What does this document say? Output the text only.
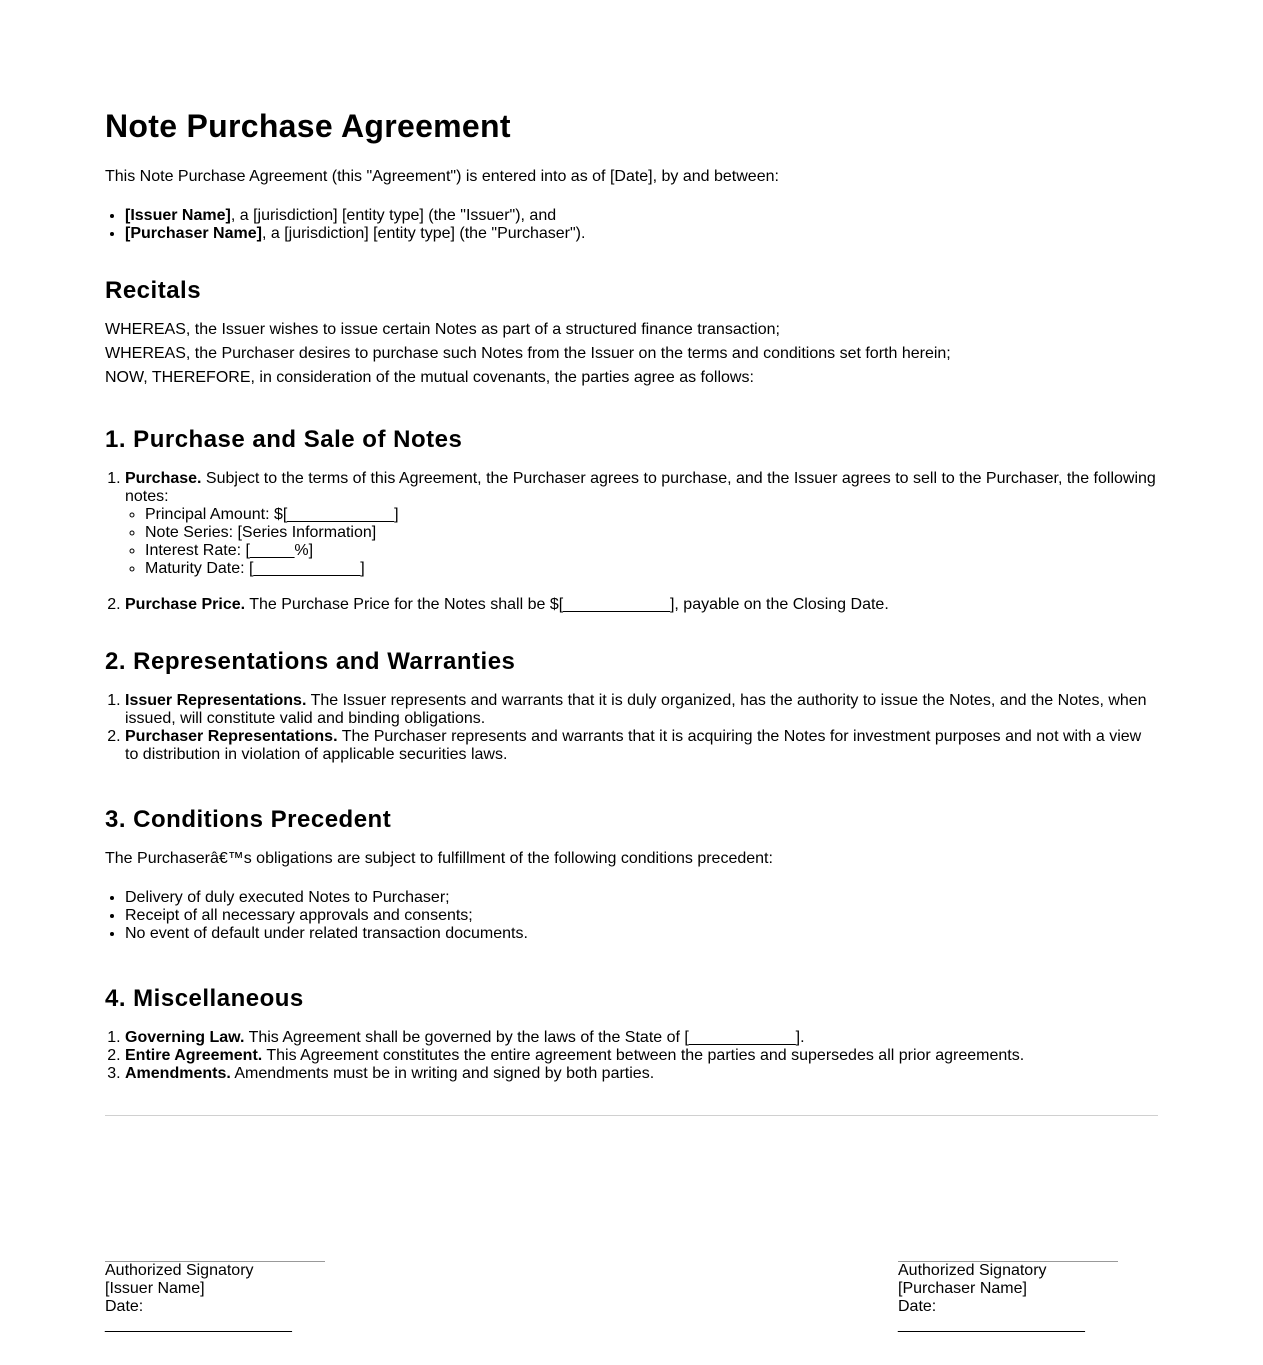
Note Purchase Agreement

This Note Purchase Agreement (this "Agreement") is entered into as of [Date], by and between:

• [Issuer Name], a [jurisdiction] [entity type] (the "Issuer"), and
• [Purchaser Name], a [jurisdiction] [entity type] (the "Purchaser").
Recitals

WHEREAS, the Issuer wishes to issue certain Notes as part of a structured finance transaction;

WHEREAS, the Purchaser desires to purchase such Notes from the Issuer on the terms and conditions set forth herein;

NOW, THEREFORE, in consideration of the mutual covenants, the parties agree as follows:

1. Purchase and Sale of Notes
1. Purchase. Subject to the terms of this Agreement, the Purchaser agrees to purchase, and the Issuer agrees to sell to the Purchaser, the following notes:
◦ Principal Amount: $[____________]
◦ Note Series: [Series Information]
◦ Interest Rate: [_____%]
◦ Maturity Date: [____________]
2. Purchase Price. The Purchase Price for the Notes shall be $[____________], payable on the Closing Date.
2. Representations and Warranties
1. Issuer Representations. The Issuer represents and warrants that it is duly organized, has the authority to issue the Notes, and the Notes, when issued, will constitute valid and binding obligations.
2. Purchaser Representations. The Purchaser represents and warrants that it is acquiring the Notes for investment purposes and not with a view to distribution in violation of applicable securities laws.
3. Conditions Precedent

The Purchaserâ€™s obligations are subject to fulfillment of the following conditions precedent:

• Delivery of duly executed Notes to Purchaser;
• Receipt of all necessary approvals and consents;
• No event of default under related transaction documents.
4. Miscellaneous
1. Governing Law. This Agreement shall be governed by the laws of the State of [____________].
2. Entire Agreement. This Agreement constitutes the entire agreement between the parties and supersedes all prior agreements.
3. Amendments. Amendments must be in writing and signed by both parties.
Authorized Signatory
[Issuer Name]
Date: _____________________
Authorized Signatory
[Purchaser Name]
Date: _____________________
